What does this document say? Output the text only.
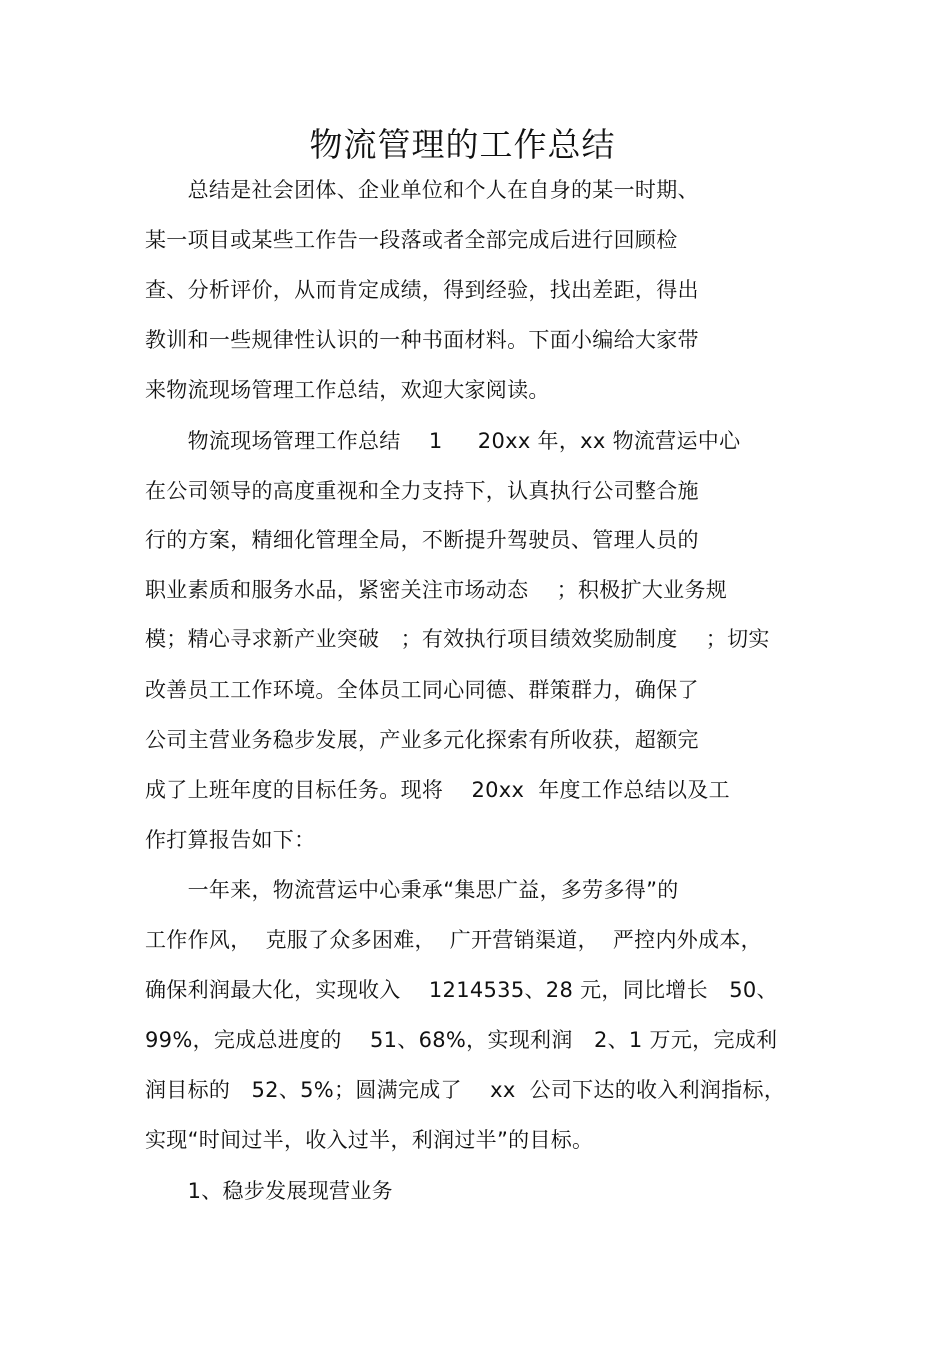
物流管理的工作总结
　　总结是社会团体、企业单位和个人在自身的某一时期、
某一项目或某些工作告一段落或者全部完成后进行回顾检
查、分析评价，从而肯定成绩，得到经验，找出差距，得出
教训和一些规律性认识的一种书面材料。下面小编给大家带
来物流现场管理工作总结，欢迎大家阅读。
　　物流现场管理工作总结　 1 　 20xx 年，xx 物流营运中心
在公司领导的高度重视和全力支持下，认真执行公司整合施
行的方案，精细化管理全局，不断提升驾驶员、管理人员的
职业素质和服务水品，紧密关注市场动态　 ；积极扩大业务规
模；精心寻求新产业突破　；有效执行项目绩效奖励制度　 ；切实
改善员工工作环境。全体员工同心同德、群策群力，确保了
公司主营业务稳步发展，产业多元化探索有所收获，超额完
成了上班年度的目标任务。现将　 20xx  年度工作总结以及工
作打算报告如下：
　　一年来，物流营运中心秉承“集思广益，多劳多得”的
工作作风，  克服了众多困难，  广开营销渠道，  严控内外成本，
确保利润最大化，实现收入　 1214535、28 元，同比增长　50、
99%，完成总进度的　 51、68%，实现利润　2、1 万元，完成利
润目标的　52、5%；圆满完成了　 xx  公司下达的收入利润指标，
实现“时间过半，收入过半，利润过半”的目标。
　　1、稳步发展现营业务
